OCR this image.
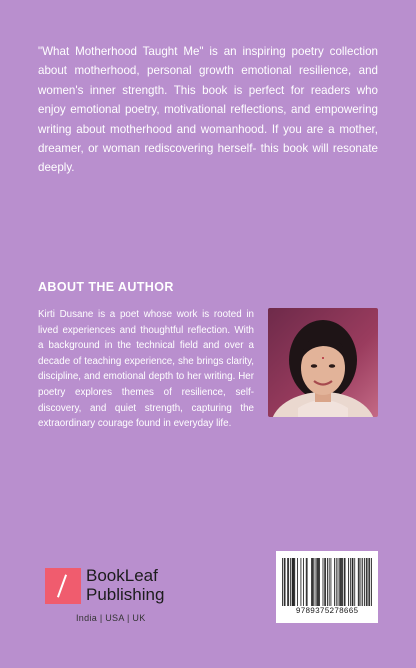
"What Motherhood Taught Me" is an inspiring poetry collection about motherhood, personal growth emotional resilience, and women's inner strength. This book is perfect for readers who enjoy emotional poetry, motivational reflections, and empowering writing about motherhood and womanhood. If you are a mother, dreamer, or woman rediscovering herself- this book will resonate deeply.

ABOUT THE AUTHOR

Kirti Dusane is a poet whose work is rooted in lived experiences and thoughtful reflection. With a background in the technical field and over a decade of teaching experience, she brings clarity, discipline, and emotional depth to her writing. Her poetry explores themes of resilience, self-discovery, and quiet strength, capturing the extraordinary courage found in everyday life.

BookLeaf
Publishing
India | USA | UK
9789375278665
